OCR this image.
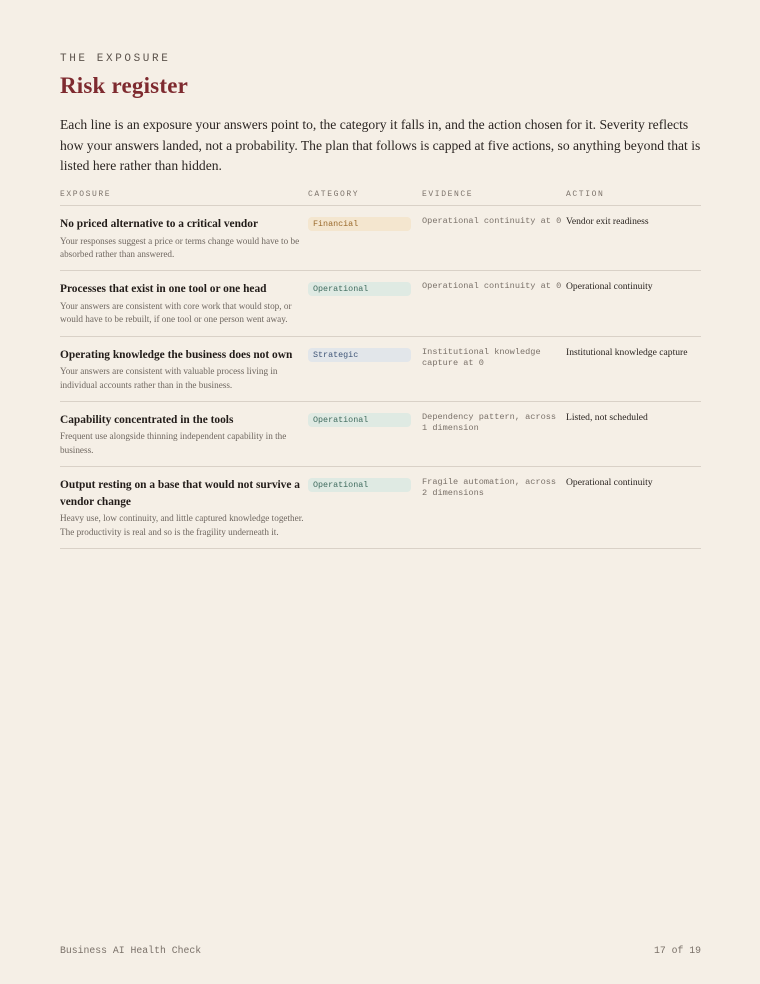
THE EXPOSURE
Risk register

Each line is an exposure your answers point to, the category it falls in, and the action chosen for it. Severity reflects how your answers landed, not a probability. The plan that follows is capped at five actions, so anything beyond that is listed here rather than hidden.

EXPOSURE	CATEGORY	EVIDENCE	ACTION

No priced alternative to a critical vendor
Your responses suggest a price or terms change would have to be absorbed rather than answered.	Financial	Operational continuity at 0	Vendor exit readiness

Processes that exist in one tool or one head
Your answers are consistent with core work that would stop, or would have to be rebuilt, if one tool or one person went away.	Operational	Operational continuity at 0	Operational continuity

Operating knowledge the business does not own
Your answers are consistent with valuable process living in individual accounts rather than in the business.	Strategic	Institutional knowledge capture at 0	Institutional knowledge capture

Capability concentrated in the tools
Frequent use alongside thinning independent capability in the business.	Operational	Dependency pattern, across 1 dimension	Listed, not scheduled

Output resting on a base that would not survive a vendor change
Heavy use, low continuity, and little captured knowledge together. The productivity is real and so is the fragility underneath it.	Operational	Fragile automation, across 2 dimensions	Operational continuity
Business AI Health Check	17 of 19
